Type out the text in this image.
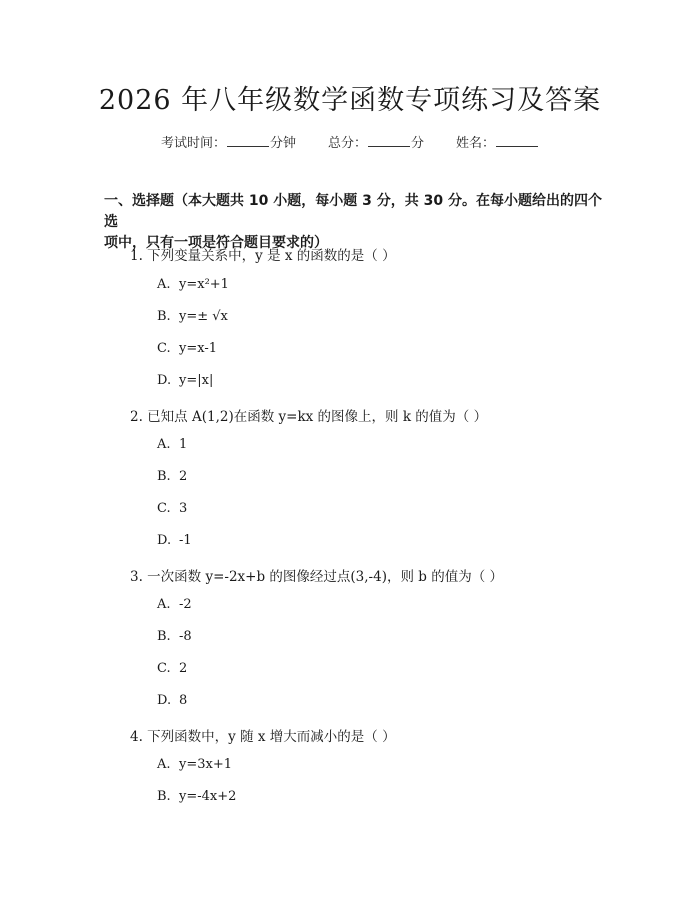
2026 年八年级数学函数专项练习及答案
考试时间：	分钟 总分：	分 姓名：
一、选择题（本大题共 10 小题，每小题 3 分，共 30 分。在每小题给出的四个选
项中，只有一项是符合题目要求的）
1. 下列变量关系中，y 是 x 的函数的是（ ）
A. y=x²+1
B. y=± √x
C. y=x-1
D. y=|x|
2. 已知点 A(1,2)在函数 y=kx 的图像上，则 k 的值为（ ）
A. 1
B. 2
C. 3
D. -1
3. 一次函数 y=-2x+b 的图像经过点(3,-4)，则 b 的值为（ ）
A. -2
B. -8
C. 2
D. 8
4. 下列函数中，y 随 x 增大而减小的是（ ）
A. y=3x+1
B. y=-4x+2
